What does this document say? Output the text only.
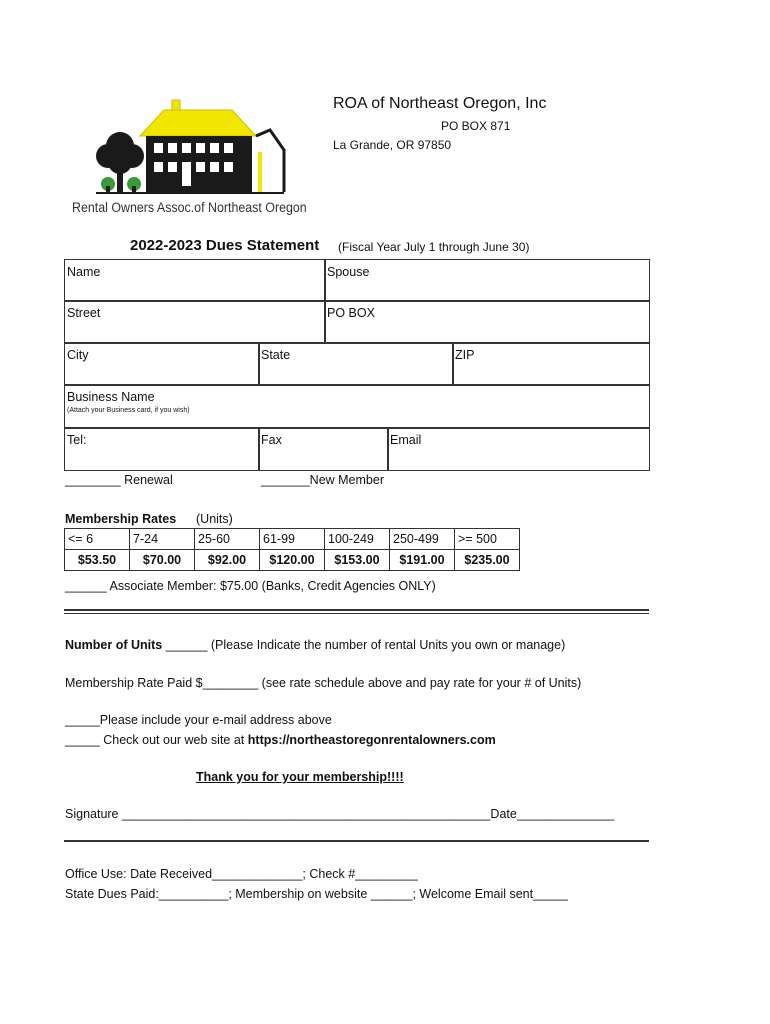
Rental Owners Assoc.of Northeast Oregon
ROA of Northeast Oregon, Inc
PO BOX 871
La Grande, OR 97850
2022-2023 Dues Statement (Fiscal Year July 1 through June 30)
Name	Spouse
Street	PO BOX
City	State	ZIP
Business Name
(Attach your Business card, if you wish)
Tel:	Fax	Email
________ Renewal	_______New Member
Membership Rates (Units)
<= 6	7-24	25-60	61-99	100-249	250-499	>= 500
$53.50	$70.00	$92.00	$120.00	$153.00	$191.00	$235.00
______ Associate Member: $75.00 (Banks, Credit Agencies ONLY)
Number of Units ______ (Please Indicate the number of rental Units you own or manage)
Membership Rate Paid $________ (see rate schedule above and pay rate for your # of Units)
_____Please include your e-mail address above
_____ Check out our web site at https://northeastoregonrentalowners.com
Thank you for your membership!!!!
Signature _____________________________________________________Date______________
Office Use: Date Received_____________; Check #_________
State Dues Paid:__________; Membership on website ______; Welcome Email sent_____
